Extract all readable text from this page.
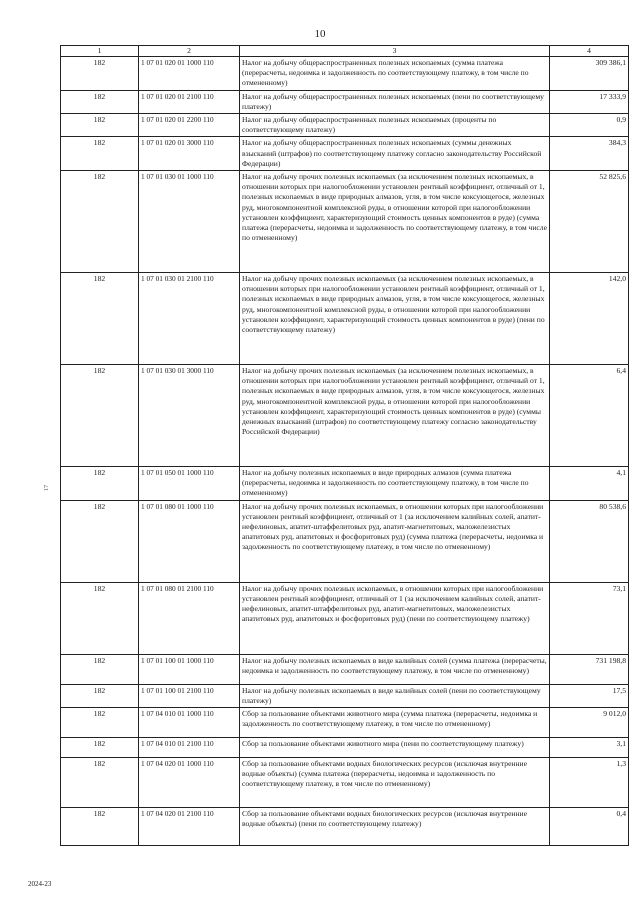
10
1	2	3	4
182	1 07 01 020 01 1000 110	Налог на добычу общераспространенных полезных ископаемых (сумма платежа (перерасчеты, недоимка и задолженность по соответствующему платежу, в том числе по отмененному)	309 386,1
182	1 07 01 020 01 2100 110	Налог на добычу общераспространенных полезных ископаемых (пени по соответствующему платежу)	17 333,9
182	1 07 01 020 01 2200 110	Налог на добычу общераспространенных полезных ископаемых (проценты по соответствующему платежу)	0,9
182	1 07 01 020 01 3000 110	Налог на добычу общераспространенных полезных ископаемых (суммы денежных взысканий (штрафов) по соответствующему платежу согласно законодательству Российской Федерации)	384,3
182	1 07 01 030 01 1000 110	Налог на добычу прочих полезных ископаемых (за исключением полезных ископаемых, в отношении которых при налогообложении установлен рентный коэффициент, отличный от 1, полезных ископаемых в виде природных алмазов, угля, в том числе коксующегося, железных руд, многокомпонентной комплексной руды, в отношении которой при налогообложении установлен коэффициент, характеризующий стоимость ценных компонентов в руде) (сумма платежа (перерасчеты, недоимка и задолженность по соответствующему платежу, в том числе по отмененному)	52 825,6
182	1 07 01 030 01 2100 110	Налог на добычу прочих полезных ископаемых (за исключением полезных ископаемых, в отношении которых при налогообложении установлен рентный коэффициент, отличный от 1, полезных ископаемых в виде природных алмазов, угля, в том числе коксующегося, железных руд, многокомпонентной комплексной руды, в отношении которой при налогообложении установлен коэффициент, характеризующий стоимость ценных компонентов в руде) (пени по соответствующему платежу)	142,0
182	1 07 01 030 01 3000 110	Налог на добычу прочих полезных ископаемых (за исключением полезных ископаемых, в отношении которых при налогообложении установлен рентный коэффициент, отличный от 1, полезных ископаемых в виде природных алмазов, угля, в том числе коксующегося, железных руд, многокомпонентной комплексной руды, в отношении которой при налогообложении установлен коэффициент, характеризующий стоимость ценных компонентов в руде) (суммы денежных взысканий (штрафов) по соответствующему платежу согласно законодательству Российской Федерации)	6,4
182	1 07 01 050 01 1000 110	Налог на добычу полезных ископаемых в виде природных алмазов (сумма платежа (перерасчеты, недоимка и задолженность по соответствующему платежу, в том числе по отмененному)	4,1
182	1 07 01 080 01 1000 110	Налог на добычу прочих полезных ископаемых, в отношении которых при налогообложении установлен рентный коэффициент, отличный от 1 (за исключением калийных солей, апатит-нефелиновых, апатит-штаффелитовых руд, апатит-магнетитовых, маложелезистых апатитовых руд, апатитовых и фосфоритовых руд) (сумма платежа (перерасчеты, недоимка и задолженность по соответствующему платежу, в том числе по отмененному)	80 538,6
182	1 07 01 080 01 2100 110	Налог на добычу прочих полезных ископаемых, в отношении которых при налогообложении установлен рентный коэффициент, отличный от 1 (за исключением калийных солей, апатит-нефелиновых, апатит-штаффелитовых руд, апатит-магнетитовых, маложелезистых апатитовых руд, апатитовых и фосфоритовых руд) (пени по соответствующему платежу)	73,1
182	1 07 01 100 01 1000 110	Налог на добычу полезных ископаемых в виде калийных солей (сумма платежа (перерасчеты, недоимка и задолженность по соответствующему платежу, в том числе по отмененному)	731 198,8
182	1 07 01 100 01 2100 110	Налог на добычу полезных ископаемых в виде калийных солей (пени по соответствующему платежу)	17,5
182	1 07 04 010 01 1000 110	Сбор за пользование объектами животного мира (сумма платежа (перерасчеты, недоимка и задолженность по соответствующему платежу, в том числе по отмененному)	9 012,0
182	1 07 04 010 01 2100 110	Сбор за пользование объектами животного мира (пени по соответствующему платежу)	3,1
182	1 07 04 020 01 1000 110	Сбор за пользование объектами водных биологических ресурсов (исключая внутренние водные объекты) (сумма платежа (перерасчеты, недоимка и задолженность по соответствующему платежу, в том числе по отмененному)	1,3
182	1 07 04 020 01 2100 110	Сбор за пользование объектами водных биологических ресурсов (исключая внутренние водные объекты) (пени по соответствующему платежу)	0,4
17
2024-23
